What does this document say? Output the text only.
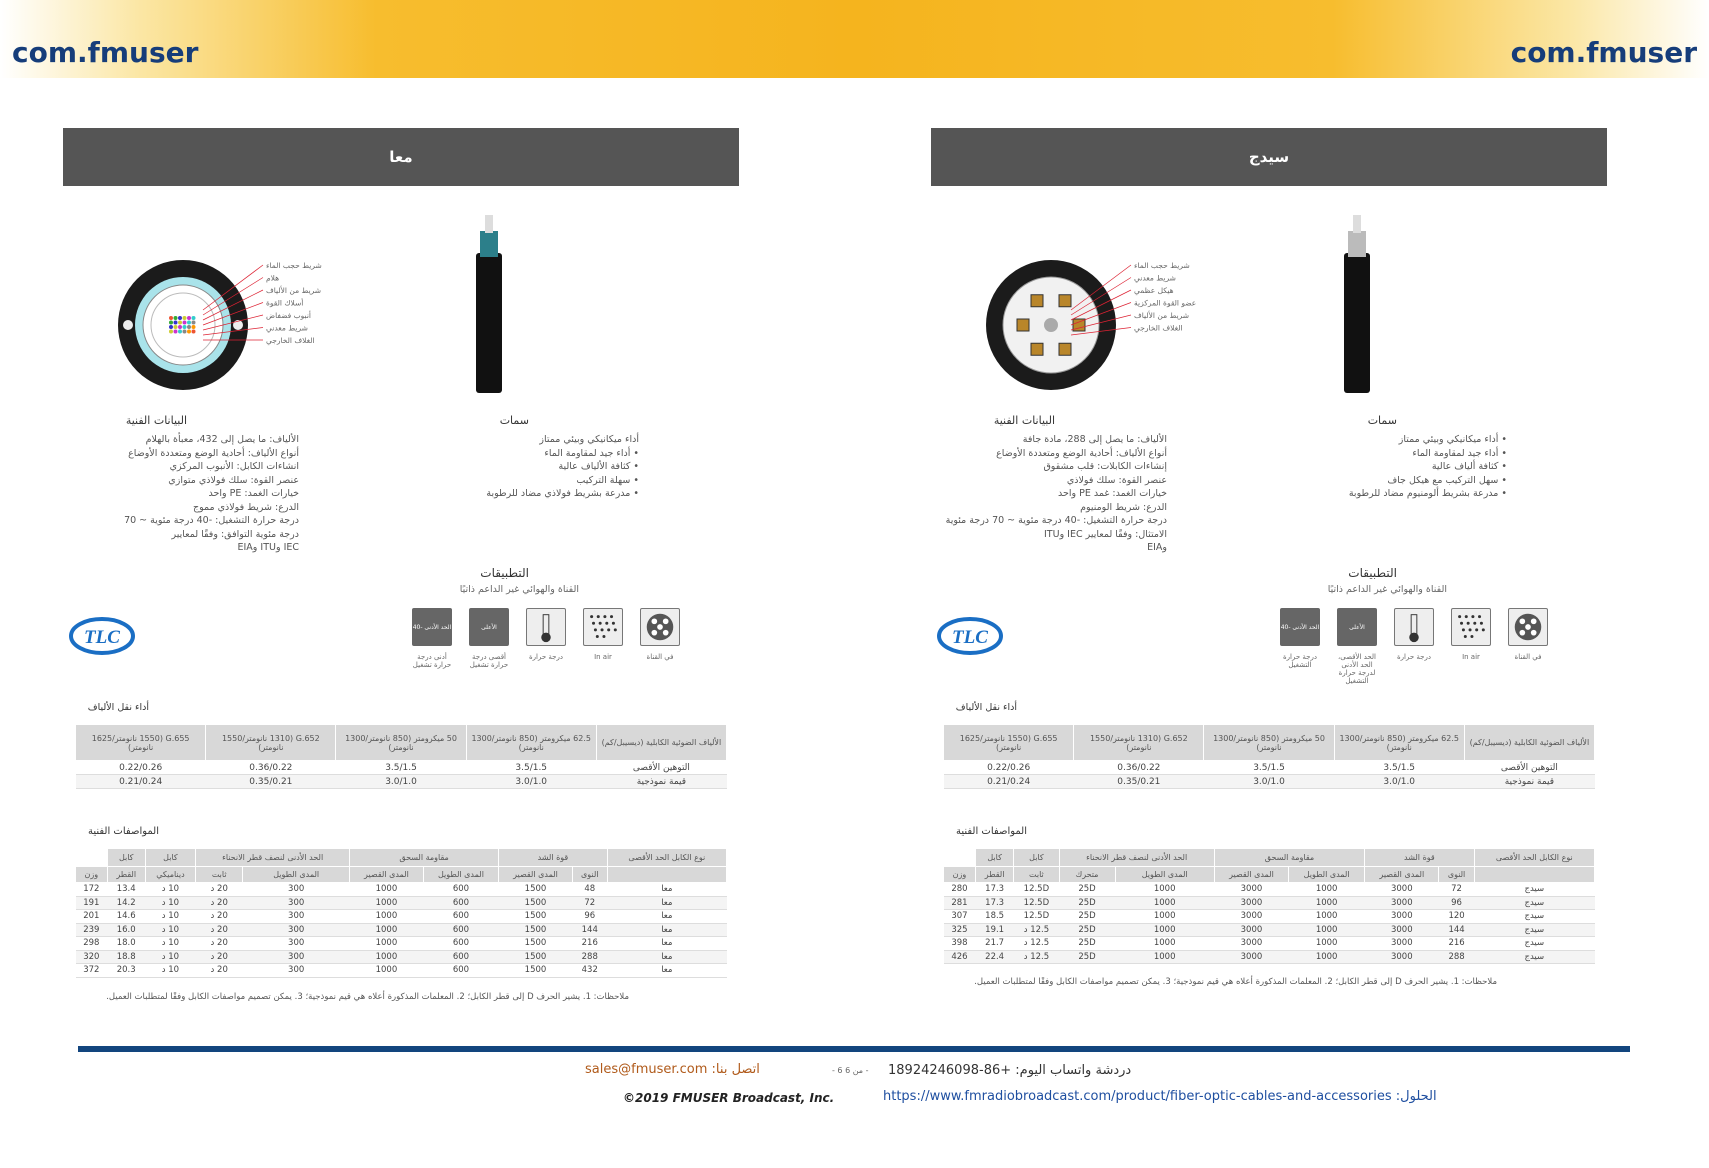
com.fmuser	com.fmuser
معا
شريط حجب الماء
هلام
شريط من الألياف
أسلاك القوة
أنبوب فضفاض
شريط معدني
الغلاف الخارجي
البيانات الفنية
الألياف: ما يصل إلى 432، معبأة بالهلام
أنواع الألياف: أحادية الوضع ومتعددة الأوضاع
انشاءات الكابل: الأنبوب المركزي
عنصر القوة: سلك فولاذي متوازي
خيارات الغمد: PE واحد
الدرع: شريط فولاذي مموج
درجة حرارة التشغيل: -40 درجة مئوية ~ 70
درجة مئوية التوافق: وفقًا لمعايير
IEC وITU وEIA
سمات
أداء ميكانيكي وبيئي ممتاز
• أداء جيد لمقاومة الماء
• كثافة الألياف عالية
• سهلة التركيب
• مدرعة بشريط فولاذي مضاد للرطوبة
التطبيقات
القناة والهوائي غير الداعم ذاتيًا
في القناة
In air
درجة حرارة
الأعلى
أقصى درجة حرارة تشغيل
الحد الأدنى -40
أدنى درجة حرارة تشغيل
TLC
أداء نقل الألياف
الألياف الضوئية الكابلية (ديسيبل/كم)	62.5 ميكرومتر (850 نانومتر/1300 نانومتر)	50 ميكرومتر (850 نانومتر/1300 نانومتر)	G.652 (1310 نانومتر/1550 نانومتر)	G.655 (1550 نانومتر/1625 نانومتر)
التوهين الأقصى	3.5/1.5	3.5/1.5	0.36/0.22	0.22/0.26
قيمة نموذجية	3.0/1.0	3.0/1.0	0.35/0.21	0.21/0.24
المواصفات الفنية
نوع الكابل الحد الأقصى	قوة الشد		مقاومة السحق		الحد الأدنى لنصف قطر الانحناء		كابل	كابل	
	النوى	المدى القصير	المدى الطويل	المدى القصير	المدى الطويل	ثابت	ديناميكي	القطر	وزن
معا	48	1500	600	1000	300	20 د	10 د	13.4	172
معا	72	1500	600	1000	300	20 د	10 د	14.2	191
معا	96	1500	600	1000	300	20 د	10 د	14.6	201
معا	144	1500	600	1000	300	20 د	10 د	16.0	239
معا	216	1500	600	1000	300	20 د	10 د	18.0	298
معا	288	1500	600	1000	300	20 د	10 د	18.8	320
معا	432	1500	600	1000	300	20 د	10 د	20.3	372
ملاحظات: 1. يشير الحرف D إلى قطر الكابل؛ 2. المعلمات المذكورة أعلاه هي قيم نموذجية؛ 3. يمكن تصميم مواصفات الكابل وفقًا لمتطلبات العميل.
سيدج
شريط حجب الماء
شريط معدني
هيكل عظمي
عضو القوة المركزية
شريط من الألياف
الغلاف الخارجي
البيانات الفنية
الألياف: ما يصل إلى 288، مادة جافة
أنواع الألياف: أحادية الوضع ومتعددة الأوضاع
إنشاءات الكابلات: قلب مشقوق
عنصر القوة: سلك فولاذي
خيارات الغمد: غمد PE واحد
الدرع: شريط الومنيوم
درجة حرارة التشغيل: -40 درجة مئوية ~ 70 درجة مئوية
الامتثال: وفقًا لمعايير IEC وITU
وEIA
سمات
• أداء ميكانيكي وبيئي ممتاز
• أداء جيد لمقاومة الماء
• كثافة ألياف عالية
• سهل التركيب مع هيكل جاف
• مدرعة بشريط ألومنيوم مضاد للرطوبة
التطبيقات
القناة والهوائي غير الداعم ذاتيًا
في القناة
In air
درجة حرارة
الأعلى
الحد الأقصى، الحد الأدنى لدرجة حرارة التشغيل
الحد الأدنى -40
درجة حرارة التشغيل
TLC
أداء نقل الألياف
الألياف الضوئية الكابلية (ديسيبل/كم)	62.5 ميكرومتر (850 نانومتر/1300 نانومتر)	50 ميكرومتر (850 نانومتر/1300 نانومتر)	G.652 (1310 نانومتر/1550 نانومتر)	G.655 (1550 نانومتر/1625 نانومتر)
التوهين الأقصى	3.5/1.5	3.5/1.5	0.36/0.22	0.22/0.26
قيمة نموذجية	3.0/1.0	3.0/1.0	0.35/0.21	0.21/0.24
المواصفات الفنية
نوع الكابل الحد الأقصى	قوة الشد		مقاومة السحق		الحد الأدنى لنصف قطر الانحناء		كابل	كابل	
	النوى	المدى القصير	المدى الطويل	المدى القصير	المدى الطويل	متحرك	ثابت	القطر	وزن
سيدج	72	3000	1000	3000	1000	25D	12.5D	17.3	280
سيدج	96	3000	1000	3000	1000	25D	12.5D	17.3	281
سيدج	120	3000	1000	3000	1000	25D	12.5D	18.5	307
سيدج	144	3000	1000	3000	1000	25D	12.5 د	19.1	325
سيدج	216	3000	1000	3000	1000	25D	12.5 د	21.7	398
سيدج	288	3000	1000	3000	1000	25D	12.5 د	22.4	426
ملاحظات: 1. يشير الحرف D إلى قطر الكابل؛ 2. المعلمات المذكورة أعلاه هي قيم نموذجية؛ 3. يمكن تصميم مواصفات الكابل وفقًا لمتطلبات العميل.
اتصل بنا: sales@fmuser.com	- 6 من 6 - دردشة واتساب اليوم: +86-18924246098
©2019 FMUSER Broadcast, Inc.	الحلول: https://www.fmradiobroadcast.com/product/fiber-optic-cables-and-accessories
